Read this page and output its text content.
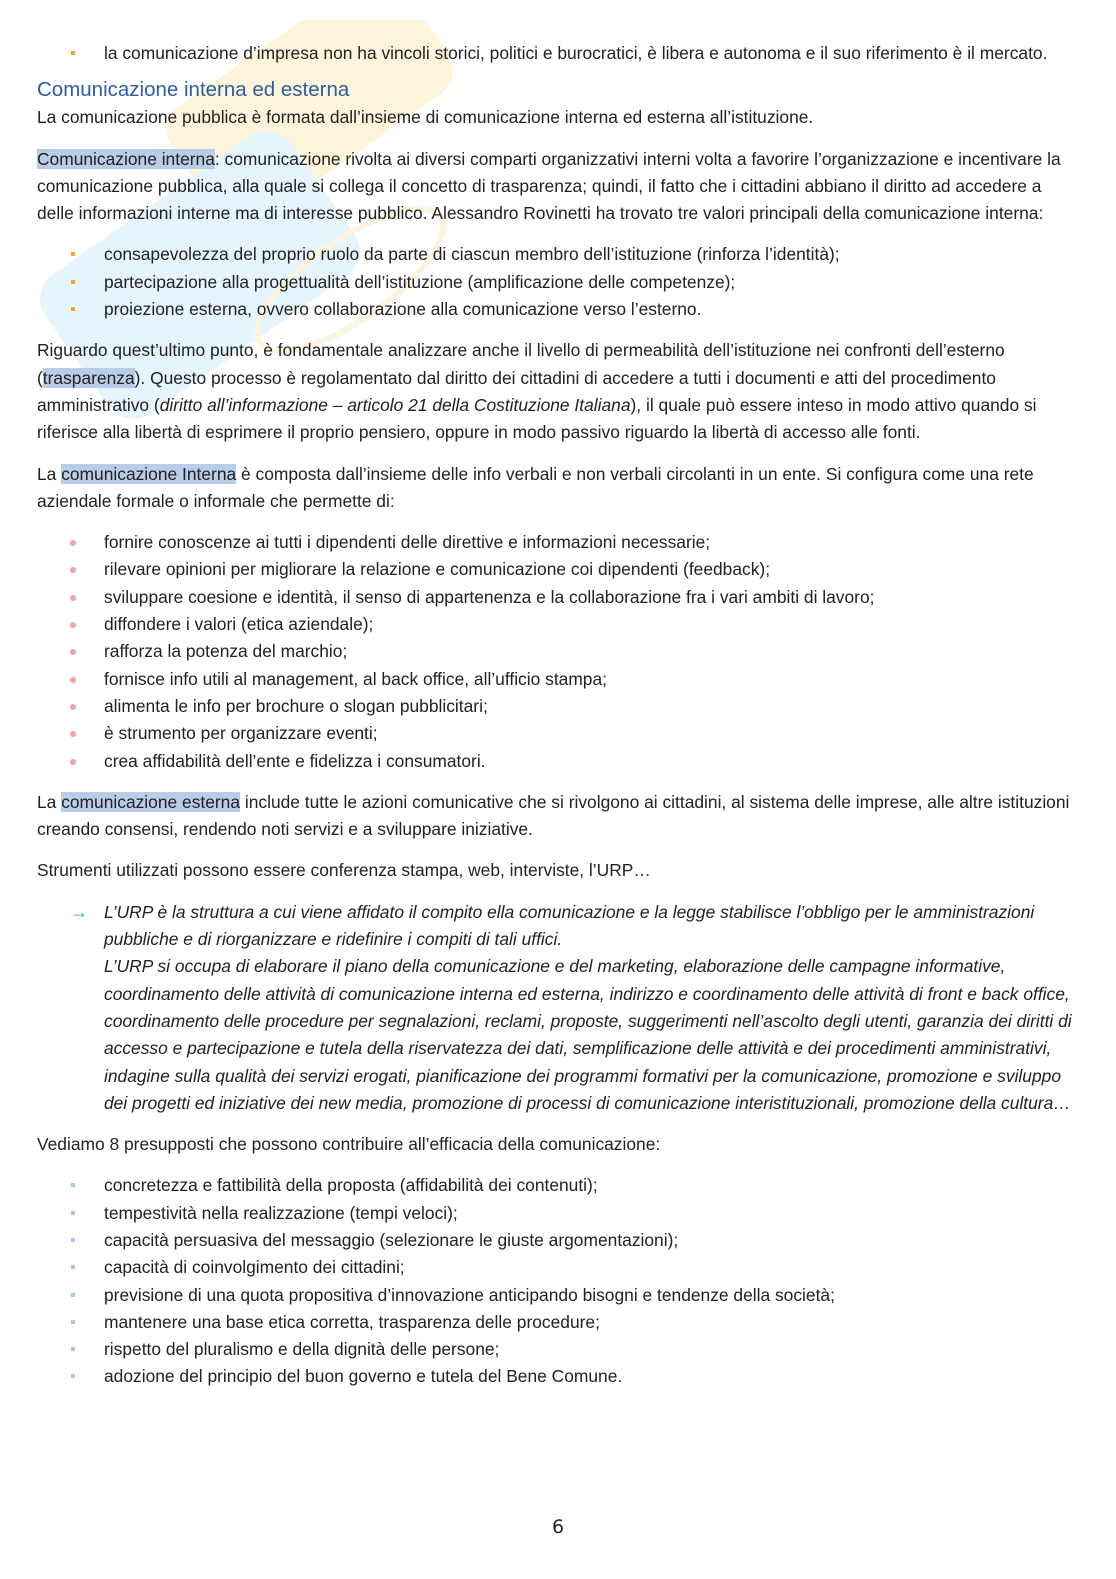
la comunicazione d’impresa non ha vincoli storici, politici e burocratici, è libera e autonoma e il suo riferimento è il mercato.
Comunicazione interna ed esterna

La comunicazione pubblica è formata dall’insieme di comunicazione interna ed esterna all’istituzione.

Comunicazione interna: comunicazione rivolta ai diversi comparti organizzativi interni volta a favorire l’organizzazione e incentivare la comunicazione pubblica, alla quale si collega il concetto di trasparenza; quindi, il fatto che i cittadini abbiano il diritto ad accedere a delle informazioni interne ma di interesse pubblico. Alessandro Rovinetti ha trovato tre valori principali della comunicazione interna:

consapevolezza del proprio ruolo da parte di ciascun membro dell’istituzione (rinforza l’identità);
partecipazione alla progettualità dell’istituzione (amplificazione delle competenze);
proiezione esterna, ovvero collaborazione alla comunicazione verso l’esterno.

Riguardo quest’ultimo punto, è fondamentale analizzare anche il livello di permeabilità dell’istituzione nei confronti dell’esterno (trasparenza). Questo processo è regolamentato dal diritto dei cittadini di accedere a tutti i documenti e atti del procedimento amministrativo (diritto all’informazione – articolo 21 della Costituzione Italiana), il quale può essere inteso in modo attivo quando si riferisce alla libertà di esprimere il proprio pensiero, oppure in modo passivo riguardo la libertà di accesso alle fonti.

La comunicazione Interna è composta dall’insieme delle info verbali e non verbali circolanti in un ente. Si configura come una rete aziendale formale o informale che permette di:

fornire conoscenze ai tutti i dipendenti delle direttive e informazioni necessarie;
rilevare opinioni per migliorare la relazione e comunicazione coi dipendenti (feedback);
sviluppare coesione e identità, il senso di appartenenza e la collaborazione fra i vari ambiti di lavoro;
diffondere i valori (etica aziendale);
rafforza la potenza del marchio;
fornisce info utili al management, al back office, all’ufficio stampa;
alimenta le info per brochure o slogan pubblicitari;
è strumento per organizzare eventi;
crea affidabilità dell’ente e fidelizza i consumatori.

La comunicazione esterna include tutte le azioni comunicative che si rivolgono ai cittadini, al sistema delle imprese, alle altre istituzioni creando consensi, rendendo noti servizi e a sviluppare iniziative.

Strumenti utilizzati possono essere conferenza stampa, web, interviste, l’URP…

→ L’URP è la struttura a cui viene affidato il compito ella comunicazione e la legge stabilisce l’obbligo per le amministrazioni pubbliche e di riorganizzare e ridefinire i compiti di tali uffici.
L’URP si occupa di elaborare il piano della comunicazione e del marketing, elaborazione delle campagne informative, coordinamento delle attività di comunicazione interna ed esterna, indirizzo e coordinamento delle attività di front e back office, coordinamento delle procedure per segnalazioni, reclami, proposte, suggerimenti nell’ascolto degli utenti, garanzia dei diritti di accesso e partecipazione e tutela della riservatezza dei dati, semplificazione delle attività e dei procedimenti amministrativi, indagine sulla qualità dei servizi erogati, pianificazione dei programmi formativi per la comunicazione, promozione e sviluppo dei progetti ed iniziative dei new media, promozione di processi di comunicazione interistituzionali, promozione della cultura…

Vediamo 8 presupposti che possono contribuire all’efficacia della comunicazione:

concretezza e fattibilità della proposta (affidabilità dei contenuti);
tempestività nella realizzazione (tempi veloci);
capacità persuasiva del messaggio (selezionare le giuste argomentazioni);
capacità di coinvolgimento dei cittadini;
previsione di una quota propositiva d’innovazione anticipando bisogni e tendenze della società;
mantenere una base etica corretta, trasparenza delle procedure;
rispetto del pluralismo e della dignità delle persone;
adozione del principio del buon governo e tutela del Bene Comune.
6
